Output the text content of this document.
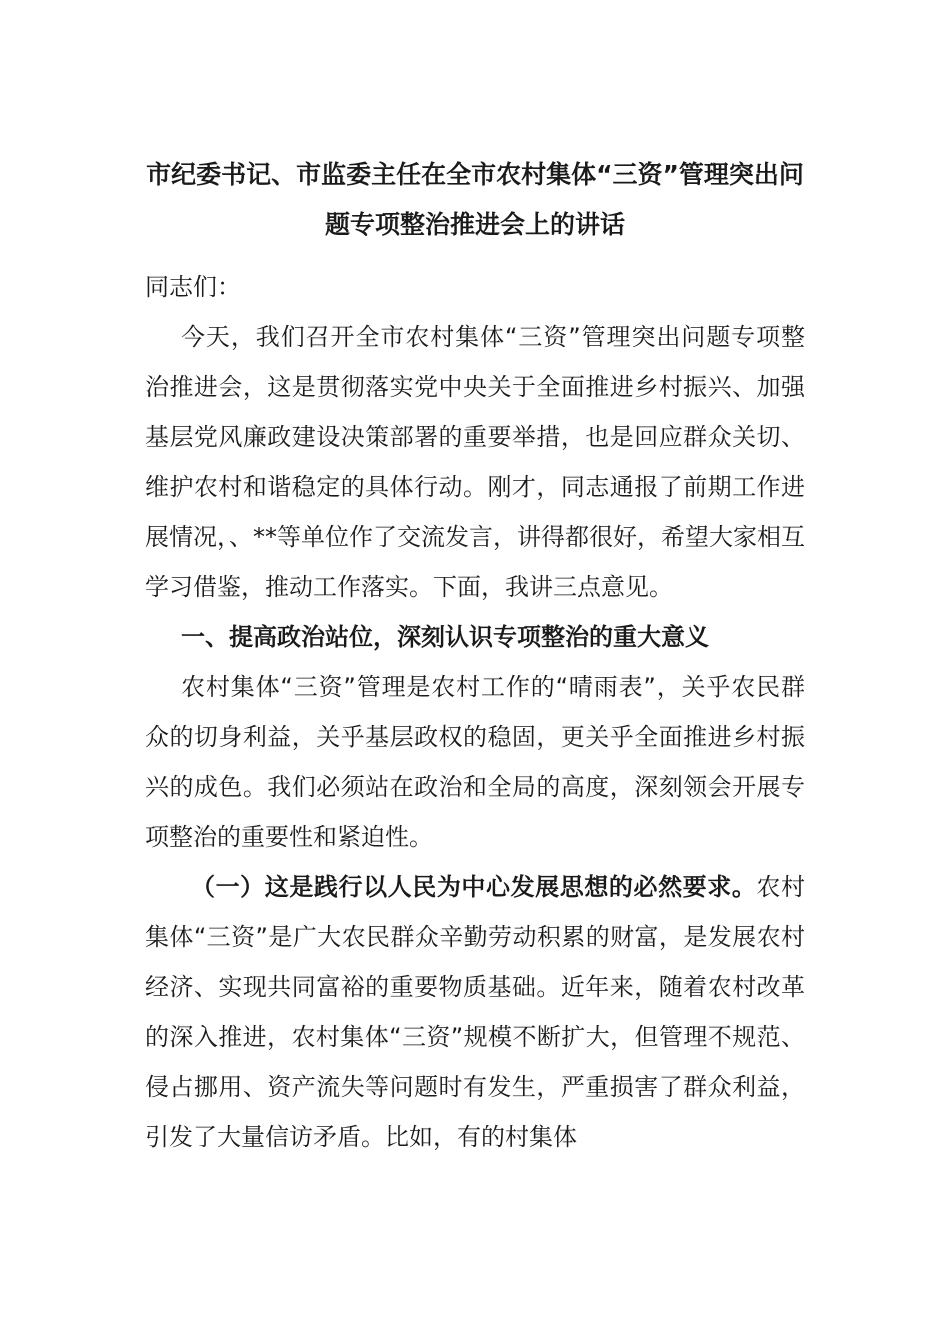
市纪委书记、市监委主任在全市农村集体“三资”管理突出问题专项整治推进会上的讲话

同志们：

今天，我们召开全市农村集体“三资”管理突出问题专项整治推进会，这是贯彻落实党中央关于全面推进乡村振兴、加强基层党风廉政建设决策部署的重要举措，也是回应群众关切、维护农村和谐稳定的具体行动。刚才，同志通报了前期工作进展情况，、**等单位作了交流发言，讲得都很好，希望大家相互学习借鉴，推动工作落实。下面，我讲三点意见。

一、提高政治站位，深刻认识专项整治的重大意义

农村集体“三资”管理是农村工作的“晴雨表”，关乎农民群众的切身利益，关乎基层政权的稳固，更关乎全面推进乡村振兴的成色。我们必须站在政治和全局的高度，深刻领会开展专项整治的重要性和紧迫性。

（一）这是践行以人民为中心发展思想的必然要求。农村集体“三资”是广大农民群众辛勤劳动积累的财富，是发展农村经济、实现共同富裕的重要物质基础。近年来，随着农村改革的深入推进，农村集体“三资”规模不断扩大，但管理不规范、侵占挪用、资产流失等问题时有发生，严重损害了群众利益，引发了大量信访矛盾。比如，有的村集体
